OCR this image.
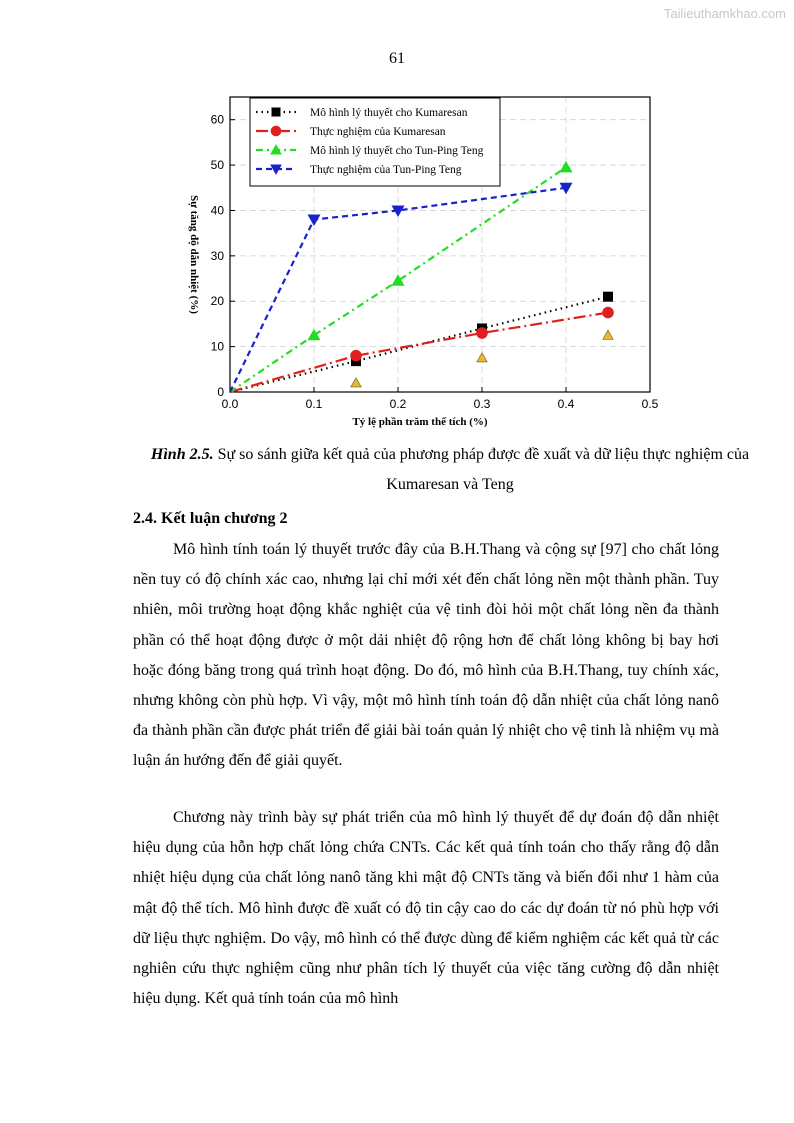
Tailieuthamkhao.com
61
0
10
20
30
40
50
60
0.0	0.1	0.2	0.3	0.4	0.5
Tỷ lệ phần trăm thể tích (%)
Sự tăng độ dẫn nhiệt (%)
Mô hình lý thuyết cho Kumaresan
Thực nghiệm của Kumaresan
Mô hình lý thuyết cho Tun-Ping Teng
Thực nghiệm của Tun-Ping Teng
Hình 2.5. Sự so sánh giữa kết quả của phương pháp được đề xuất và dữ liệu thực nghiệm của Kumaresan và Teng
2.4. Kết luận chương 2

Mô hình tính toán lý thuyết trước đây của B.H.Thang và cộng sự [97] cho chất lỏng nền tuy có độ chính xác cao, nhưng lại chỉ mới xét đến chất lỏng nền một thành phần. Tuy nhiên, môi trường hoạt động khắc nghiệt của vệ tinh đòi hỏi một chất lỏng nền đa thành phần có thể hoạt động được ở một dải nhiệt độ rộng hơn để chất lỏng không bị bay hơi hoặc đóng băng trong quá trình hoạt động. Do đó, mô hình của B.H.Thang, tuy chính xác, nhưng không còn phù hợp. Vì vậy, một mô hình tính toán độ dẫn nhiệt của chất lỏng nanô đa thành phần cần được phát triển để giải bài toán quản lý nhiệt cho vệ tinh là nhiệm vụ mà luận án hướng đến để giải quyết.

Chương này trình bày sự phát triển của mô hình lý thuyết để dự đoán độ dẫn nhiệt hiệu dụng của hỗn hợp chất lỏng chứa CNTs. Các kết quả tính toán cho thấy rằng độ dẫn nhiệt hiệu dụng của chất lỏng nanô tăng khi mật độ CNTs tăng và biến đổi như 1 hàm của mật độ thể tích. Mô hình được đề xuất có độ tin cậy cao do các dự đoán từ nó phù hợp với dữ liệu thực nghiệm. Do vậy, mô hình có thể được dùng để kiểm nghiệm các kết quả từ các nghiên cứu thực nghiệm cũng như phân tích lý thuyết của việc tăng cường độ dẫn nhiệt hiệu dụng. Kết quả tính toán của mô hình
